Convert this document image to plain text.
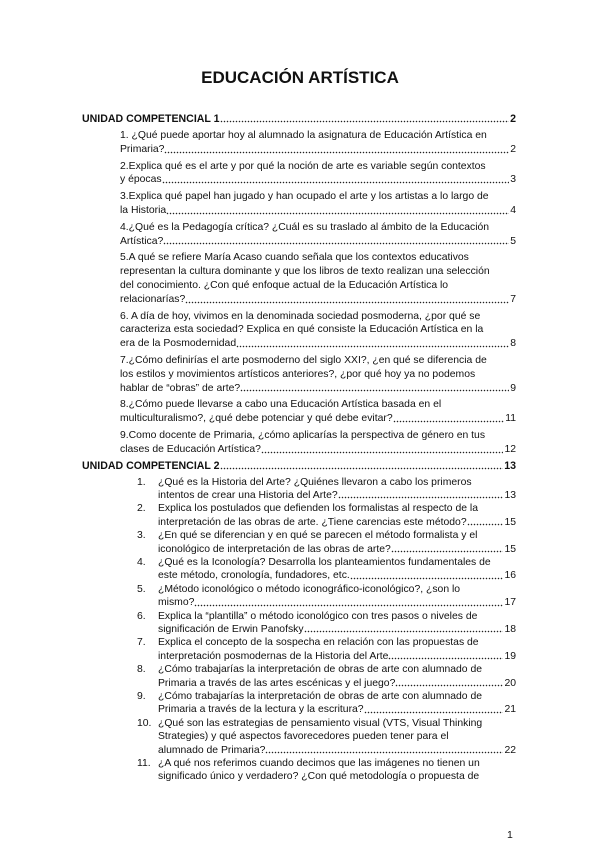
EDUCACIÓN ARTÍSTICA
UNIDAD COMPETENCIAL 1	2
1. ¿Qué puede aportar hoy al alumnado la asignatura de Educación Artística en
Primaria?	2
2.Explica qué es el arte y por qué la noción de arte es variable según contextos
y épocas	3
3.Explica qué papel han jugado y han ocupado el arte y los artistas a lo largo de
la Historia	4
4.¿Qué es la Pedagogía crítica? ¿Cuál es su traslado al ámbito de la Educación
Artística?	5
5.A qué se refiere María Acaso cuando señala que los contextos educativos
representan la cultura dominante y que los libros de texto realizan una selección
del conocimiento. ¿Con qué enfoque actual de la Educación Artística lo
relacionarías?	7
6. A día de hoy, vivimos en la denominada sociedad posmoderna, ¿por qué se
caracteriza esta sociedad? Explica en qué consiste la Educación Artística en la
era de la Posmodernidad	8
7.¿Cómo definirías el arte posmoderno del siglo XXI?, ¿en qué se diferencia de
los estilos y movimientos artísticos anteriores?, ¿por qué hoy ya no podemos
hablar de “obras” de arte?	9
8.¿Cómo puede llevarse a cabo una Educación Artística basada en el
multiculturalismo?, ¿qué debe potenciar y qué debe evitar?	11
9.Como docente de Primaria, ¿cómo aplicarías la perspectiva de género en tus
clases de Educación Artística?	12
UNIDAD COMPETENCIAL 2	13
1.	¿Qué es la Historia del Arte? ¿Quiénes llevaron a cabo los primeros
intentos de crear una Historia del Arte?	13
2.	Explica los postulados que defienden los formalistas al respecto de la
interpretación de las obras de arte. ¿Tiene carencias este método?	15
3.	¿En qué se diferencian y en qué se parecen el método formalista y el
iconológico de interpretación de las obras de arte?	15
4.	¿Qué es la Iconología? Desarrolla los planteamientos fundamentales de
este método, cronología, fundadores, etc.	16
5.	¿Método iconológico o método iconográfico-iconológico?, ¿son lo
mismo?	17
6.	Explica la “plantilla” o método iconológico con tres pasos o niveles de
significación de Erwin Panofsky	18
7.	Explica el concepto de la sospecha en relación con las propuestas de
interpretación posmodernas de la Historia del Arte	19
8.	¿Cómo trabajarías la interpretación de obras de arte con alumnado de
Primaria a través de las artes escénicas y el juego?	20
9.	¿Cómo trabajarías la interpretación de obras de arte con alumnado de
Primaria a través de la lectura y la escritura?	21
10. ¿Qué son las estrategias de pensamiento visual (VTS, Visual Thinking
Strategies) y qué aspectos favorecedores pueden tener para el
alumnado de Primaria?	22
11. ¿A qué nos referimos cuando decimos que las imágenes no tienen un
significado único y verdadero? ¿Con qué metodología o propuesta de
1
